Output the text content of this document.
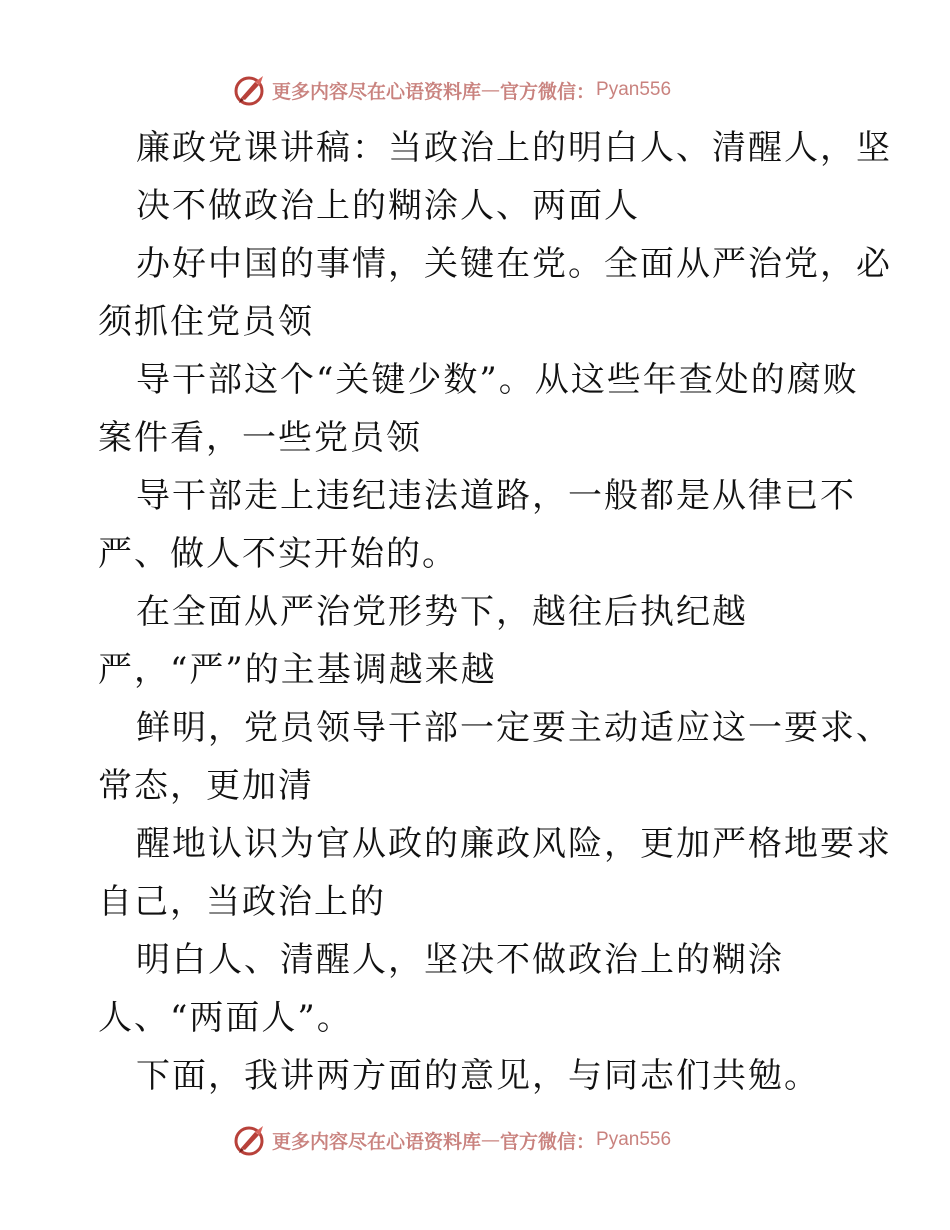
更多内容尽在心语资料库 — 官方微信： Pyan556
廉政党课讲稿：当政治上的明白人、清醒人，坚
决不做政治上的糊涂人、两面人
办好中国的事情，关键在党。全面从严治党，必
须抓住党员领
导干部这个“关键少数”。从这些年查处的腐败
案件看，一些党员领
导干部走上违纪违法道路，一般都是从律已不
严、做人不实开始的。
在全面从严治党形势下，越往后执纪越
严，“严”的主基调越来越
鲜明，党员领导干部一定要主动适应这一要求、
常态，更加清
醒地认识为官从政的廉政风险，更加严格地要求
自己，当政治上的
明白人、清醒人，坚决不做政治上的糊涂
人、“两面人”。
下面，我讲两方面的意见，与同志们共勉。
更多内容尽在心语资料库 — 官方微信： Pyan556
